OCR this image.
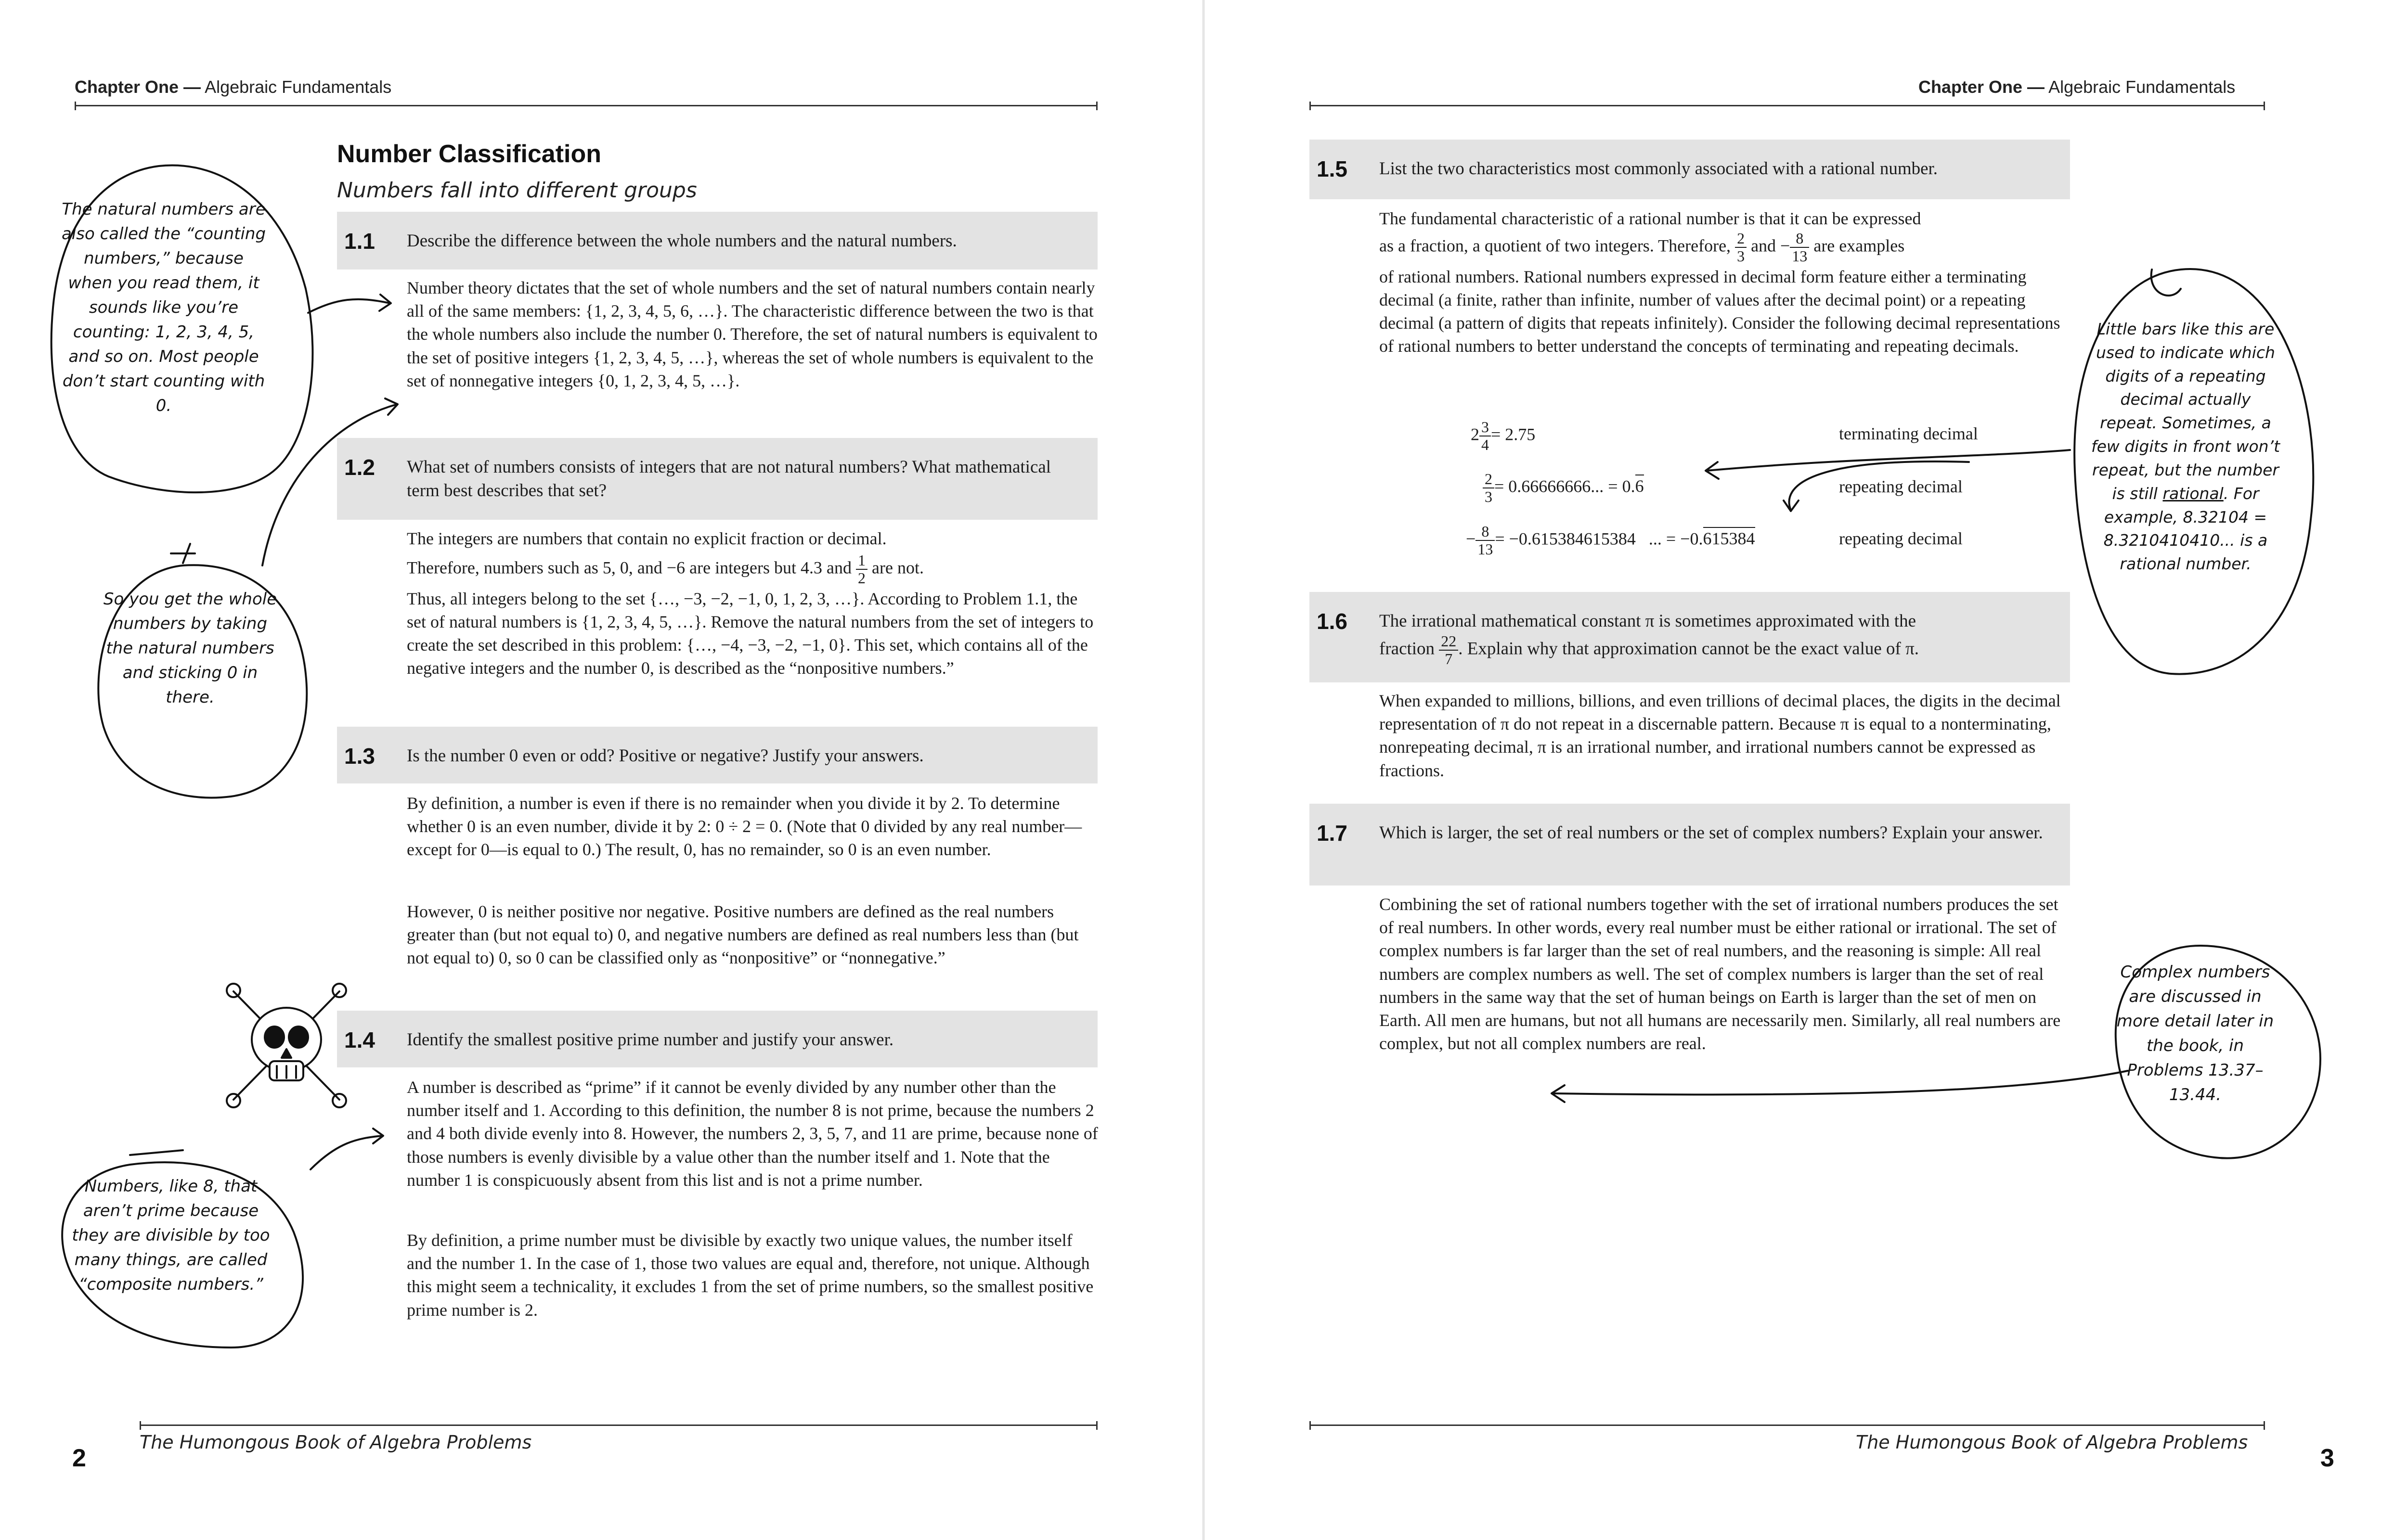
Chapter One — Algebraic Fundamentals
Number Classification
Numbers fall into different groups
1.1 Describe the difference between the whole numbers and the natural numbers.

Number theory dictates that the set of whole numbers and the set of natural numbers contain nearly all of the same members: {1, 2, 3, 4, 5, 6, …}. The characteristic difference between the two is that the whole numbers also include the number 0. Therefore, the set of natural numbers is equivalent to the set of positive integers {1, 2, 3, 4, 5, …}, whereas the set of whole numbers is equivalent to the set of nonnegative integers {0, 1, 2, 3, 4, 5, …}.

1.2 What set of numbers consists of integers that are not natural numbers? What mathematical term best describes that set?
The integers are numbers that contain no explicit fraction or decimal.
Therefore, numbers such as 5, 0, and −6 are integers but 4.3 and $\frac{1}{2}$ are not.
Thus, all integers belong to the set {…, −3, −2, −1, 0, 1, 2, 3, …}. According to Problem 1.1, the set of natural numbers is {1, 2, 3, 4, 5, …}. Remove the natural numbers from the set of integers to create the set described in this problem: {…, −4, −3, −2, −1, 0}. This set, which contains all of the negative integers and the number 0, is described as the “nonpositive numbers.”
1.3 Is the number 0 even or odd? Positive or negative? Justify your answers.

By definition, a number is even if there is no remainder when you divide it by 2. To determine whether 0 is an even number, divide it by 2: 0 ÷ 2 = 0. (Note that 0 divided by any real number—except for 0—is equal to 0.) The result, 0, has no remainder, so 0 is an even number.

However, 0 is neither positive nor negative. Positive numbers are defined as the real numbers greater than (but not equal to) 0, and negative numbers are defined as real numbers less than (but not equal to) 0, so 0 can be classified only as “nonpositive” or “nonnegative.”

1.4 Identify the smallest positive prime number and justify your answer.

A number is described as “prime” if it cannot be evenly divided by any number other than the number itself and 1. According to this definition, the number 8 is not prime, because the numbers 2 and 4 both divide evenly into 8. However, the numbers 2, 3, 5, 7, and 11 are prime, because none of those numbers is evenly divisible by a value other than the number itself and 1. Note that the number 1 is conspicuously absent from this list and is not a prime number.

By definition, a prime number must be divisible by exactly two unique values, the number itself and the number 1. In the case of 1, those two values are equal and, therefore, not unique. Although this might seem a technicality, it excludes 1 from the set of prime numbers, so the smallest positive prime number is 2.

The natural numbers are also called the “counting numbers,” because when you read them, it sounds like you’re counting: 1, 2, 3, 4, 5, and so on. Most people don’t start counting with 0.
So you get the whole numbers by taking the natural numbers and sticking 0 in there.
Numbers, like 8, that aren’t prime because they are divisible by too many things, are called “composite numbers.”
The Humongous Book of Algebra Problems
2
Chapter One — Algebraic Fundamentals
1.5 List the two characteristics most commonly associated with a rational number.
The fundamental characteristic of a rational number is that it can be expressed
as a fraction, a quotient of two integers. Therefore, $\frac{2}{3}$ and − $\frac{8}{13}$ are examples
of rational numbers. Rational numbers expressed in decimal form feature either a terminating decimal (a finite, rather than infinite, number of values after the decimal point) or a repeating decimal (a pattern of digits that repeats infinitely). Consider the following decimal representations of rational numbers to better understand the concepts of terminating and repeating decimals.
$2 \frac{3}{4} = 2.75$	terminating decimal
$\frac{2}{3} = 0.66666666$... = 0.6	repeating decimal
− $\frac{8}{13} = -0.615384615384$   ... = −0.615384	repeating decimal
1.6 The irrational mathematical constant π is sometimes approximated with the
fraction $\frac{22}{7}$ . Explain why that approximation cannot be the exact value of π.

When expanded to millions, billions, and even trillions of decimal places, the digits in the decimal representation of π do not repeat in a discernable pattern. Because π is equal to a nonterminating, nonrepeating decimal, π is an irrational number, and irrational numbers cannot be expressed as fractions.

1.7 Which is larger, the set of real numbers or the set of complex numbers? Explain your answer.

Combining the set of rational numbers together with the set of irrational numbers produces the set of real numbers. In other words, every real number must be either rational or irrational. The set of complex numbers is far larger than the set of real numbers, and the reasoning is simple: All real numbers are complex numbers as well. The set of complex numbers is larger than the set of real numbers in the same way that the set of human beings on Earth is larger than the set of men on Earth. All men are humans, but not all humans are necessarily men. Similarly, all real numbers are complex, but not all complex numbers are real.

Little bars like this are used to indicate which digits of a repeating decimal actually repeat. Sometimes, a few digits in front won’t repeat, but the number is still rational. For example, 8.32104 = 8.3210410410... is a rational number.
Complex numbers are discussed in more detail later in the book, in Problems 13.37–13.44.
The Humongous Book of Algebra Problems
3
